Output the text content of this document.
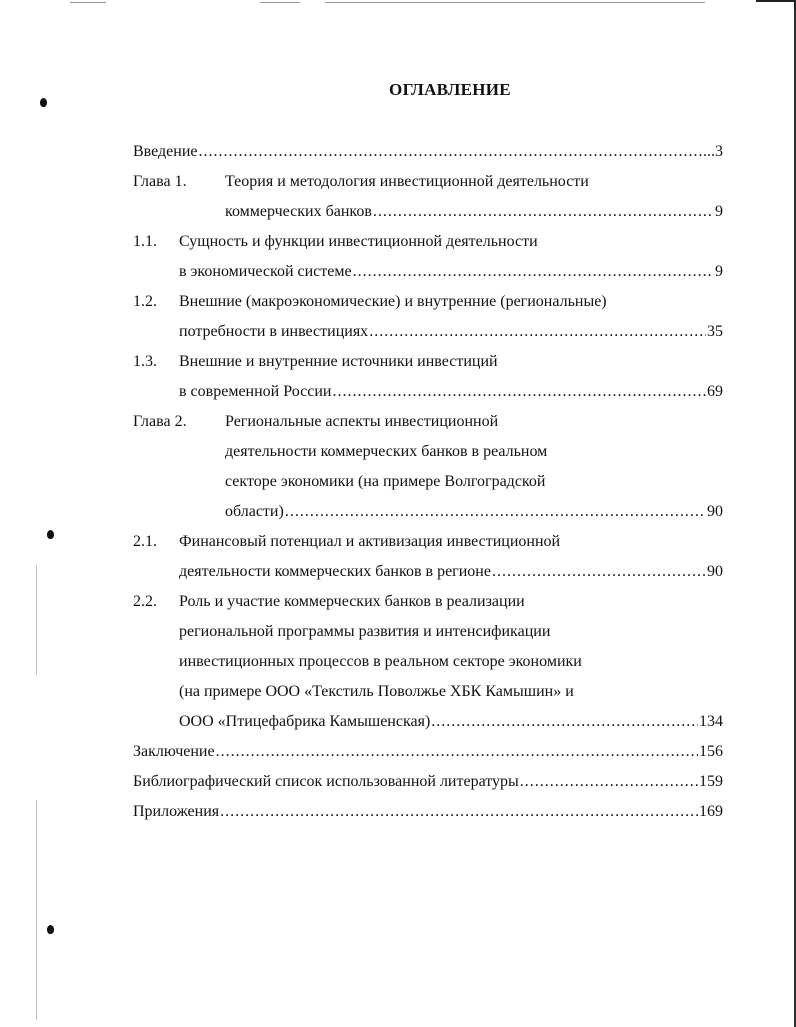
ОГЛАВЛЕНИЕ
Введение .....	...3
Глава 1. Теория и методология инвестиционной деятельности
коммерческих банков .....	9
1.1. Сущность и функции инвестиционной деятельности
в экономической системе .....	9
1.2. Внешние (макроэкономические) и внутренние (региональные)
потребности в инвестициях .....	35
1.3. Внешние и внутренние источники инвестиций
в современной России .....	69
Глава 2. Региональные аспекты инвестиционной
деятельности коммерческих банков в реальном
секторе экономики (на примере Волгоградской
области) .....	90
2.1. Финансовый потенциал и активизация инвестиционной
деятельности коммерческих банков в регионе .....	90
2.2. Роль и участие коммерческих банков в реализации
региональной программы развития и интенсификации
инвестиционных процессов в реальном секторе экономики
(на примере ООО «Текстиль Поволжье ХБК Камышин» и
ООО «Птицефабрика Камышенская) .....	134
Заключение .....	156
Библиографический список использованной литературы .....	159
Приложения .....	169
